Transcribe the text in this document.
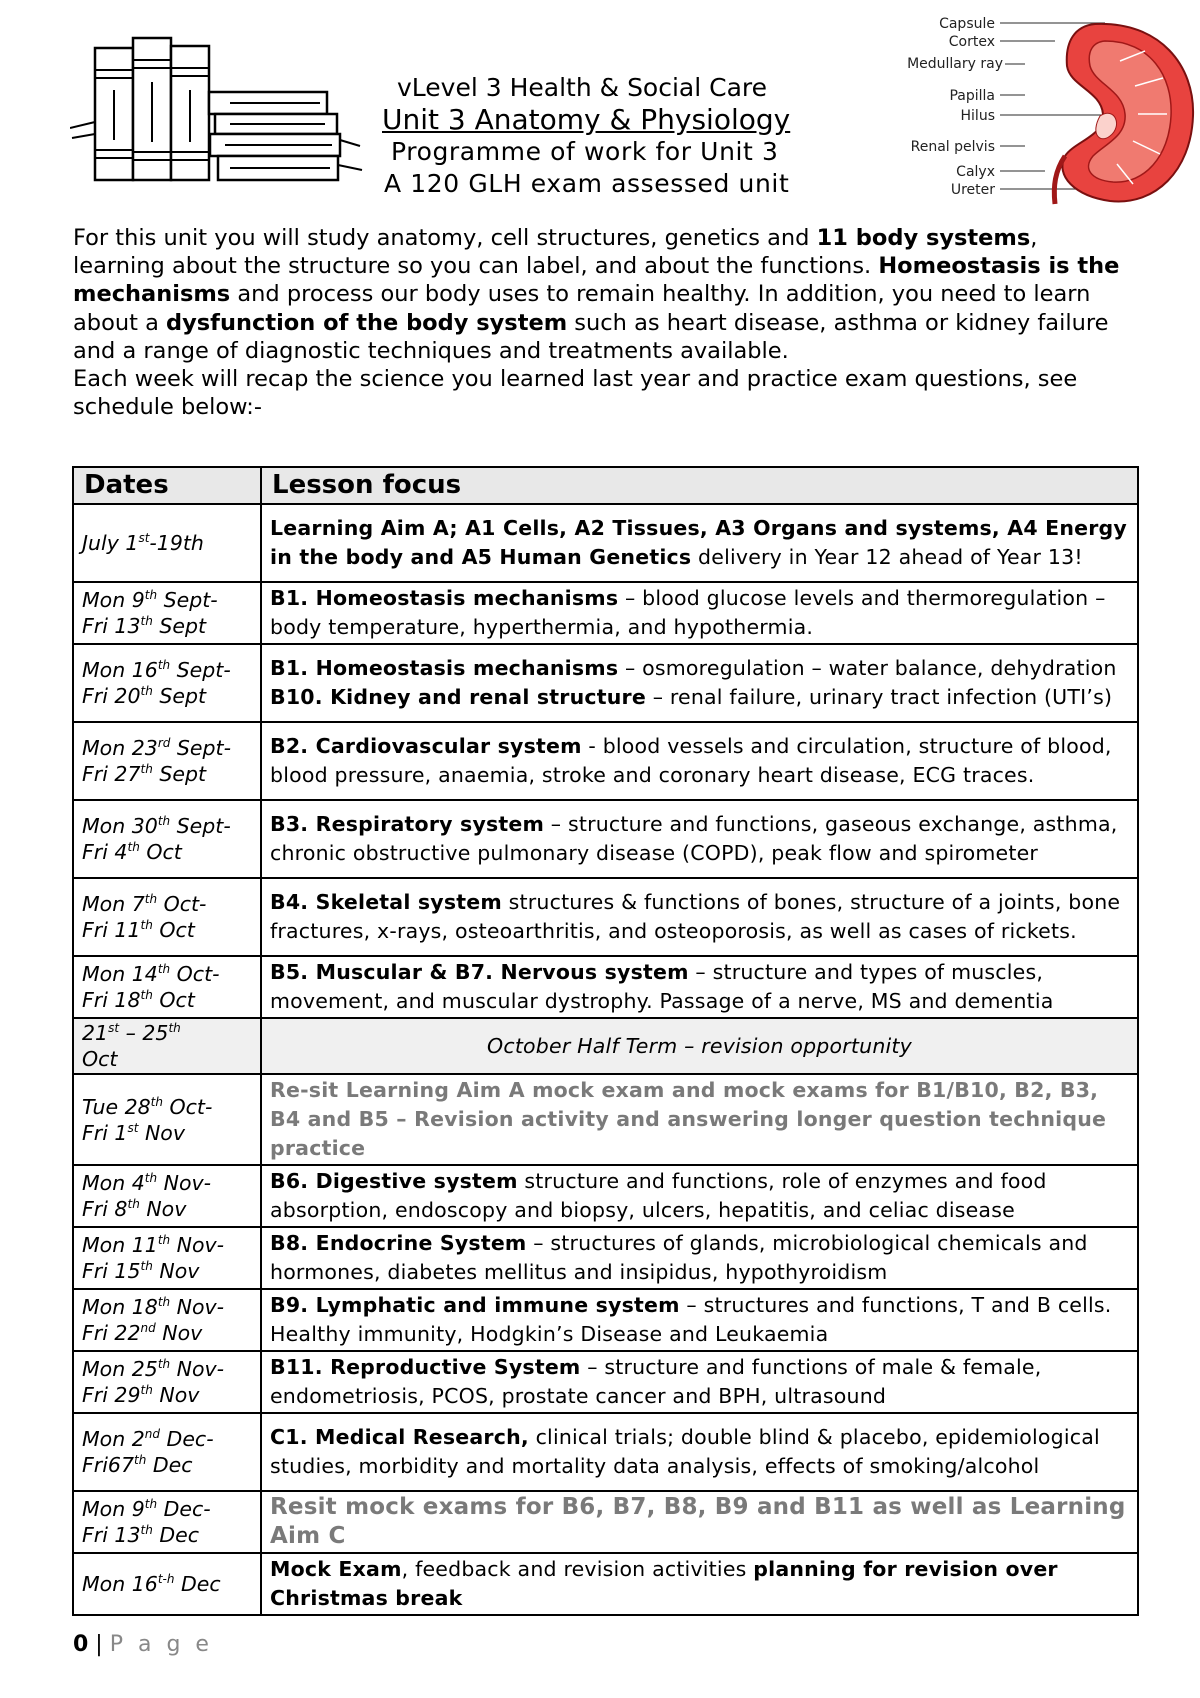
Capsule
Cortex
Medullary ray
Papilla
Hilus
Renal pelvis
Calyx
Ureter
vLevel 3 Health & Social Care
Unit 3 Anatomy & Physiology
Programme of work for Unit 3
A 120 GLH exam assessed unit

For this unit you will study anatomy, cell structures, genetics and 11 body systems, learning about the structure so you can label, and about the functions. Homeostasis is the mechanisms and process our body uses to remain healthy. In addition, you need to learn about a dysfunction of the body system such as heart disease, asthma or kidney failure and a range of diagnostic techniques and treatments available.

Each week will recap the science you learned last year and practice exam questions, see schedule below:-

Dates	Lesson focus
July 1st-19th	Learning Aim A; A1 Cells, A2 Tissues, A3 Organs and systems, A4 Energy in the body and A5 Human Genetics delivery in Year 12 ahead of Year 13!
Mon 9th Sept-
Fri 13th Sept	B1. Homeostasis mechanisms – blood glucose levels and thermoregulation – body temperature, hyperthermia, and hypothermia.
Mon 16th Sept-
Fri 20th Sept	B1. Homeostasis mechanisms – osmoregulation – water balance, dehydration B10. Kidney and renal structure – renal failure, urinary tract infection (UTI’s)
Mon 23rd Sept-
Fri 27th Sept	B2. Cardiovascular system - blood vessels and circulation, structure of blood, blood pressure, anaemia, stroke and coronary heart disease, ECG traces.
Mon 30th Sept-
Fri 4th Oct	B3. Respiratory system – structure and functions, gaseous exchange, asthma, chronic obstructive pulmonary disease (COPD), peak flow and spirometer
Mon 7th Oct-
Fri 11th Oct	B4. Skeletal system structures & functions of bones, structure of a joints, bone fractures, x-rays, osteoarthritis, and osteoporosis, as well as cases of rickets.
Mon 14th Oct-
Fri 18th Oct	B5. Muscular & B7. Nervous system – structure and types of muscles, movement, and muscular dystrophy. Passage of a nerve, MS and dementia
21st – 25th
Oct	October Half Term – revision opportunity
Tue 28th Oct-
Fri 1st Nov	Re-sit Learning Aim A mock exam and mock exams for B1/B10, B2, B3, B4 and B5 – Revision activity and answering longer question technique practice
Mon 4th Nov-
Fri 8th Nov	B6. Digestive system structure and functions, role of enzymes and food absorption, endoscopy and biopsy, ulcers, hepatitis, and celiac disease
Mon 11th Nov-
Fri 15th Nov	B8. Endocrine System – structures of glands, microbiological chemicals and hormones, diabetes mellitus and insipidus, hypothyroidism
Mon 18th Nov-
Fri 22nd Nov	B9. Lymphatic and immune system – structures and functions, T and B cells. Healthy immunity, Hodgkin’s Disease and Leukaemia
Mon 25th Nov-
Fri 29th Nov	B11. Reproductive System – structure and functions of male & female, endometriosis, PCOS, prostate cancer and BPH, ultrasound
Mon 2nd Dec-
Fri67th Dec	C1. Medical Research, clinical trials; double blind & placebo, epidemiological studies, morbidity and mortality data analysis, effects of smoking/alcohol
Mon 9th Dec-
Fri 13th Dec	Resit mock exams for B6, B7, B8, B9 and B11 as well as Learning Aim C
Mon 16$^{t-h}$ Dec	Mock Exam, feedback and revision activities planning for revision over Christmas break
0 | P a g e
